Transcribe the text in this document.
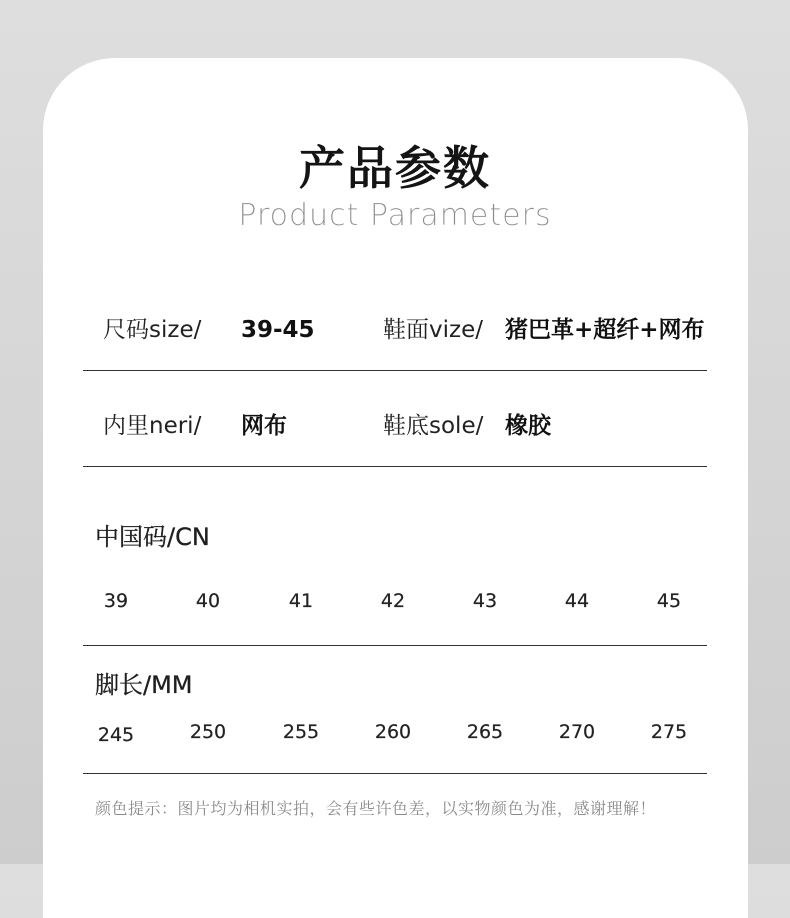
产品参数
Product Parameters
尺码size/ 39-45	鞋面vize/ 猪巴革+超纤+网布
内里neri/ 网布	鞋底sole/ 橡胶
中国码/CN
39	40	41	42	43	44	45
脚长/MM
245	250	255	260	265	270	275
颜色提示：图片均为相机实拍，会有些许色差，以实物颜色为准，感谢理解！
